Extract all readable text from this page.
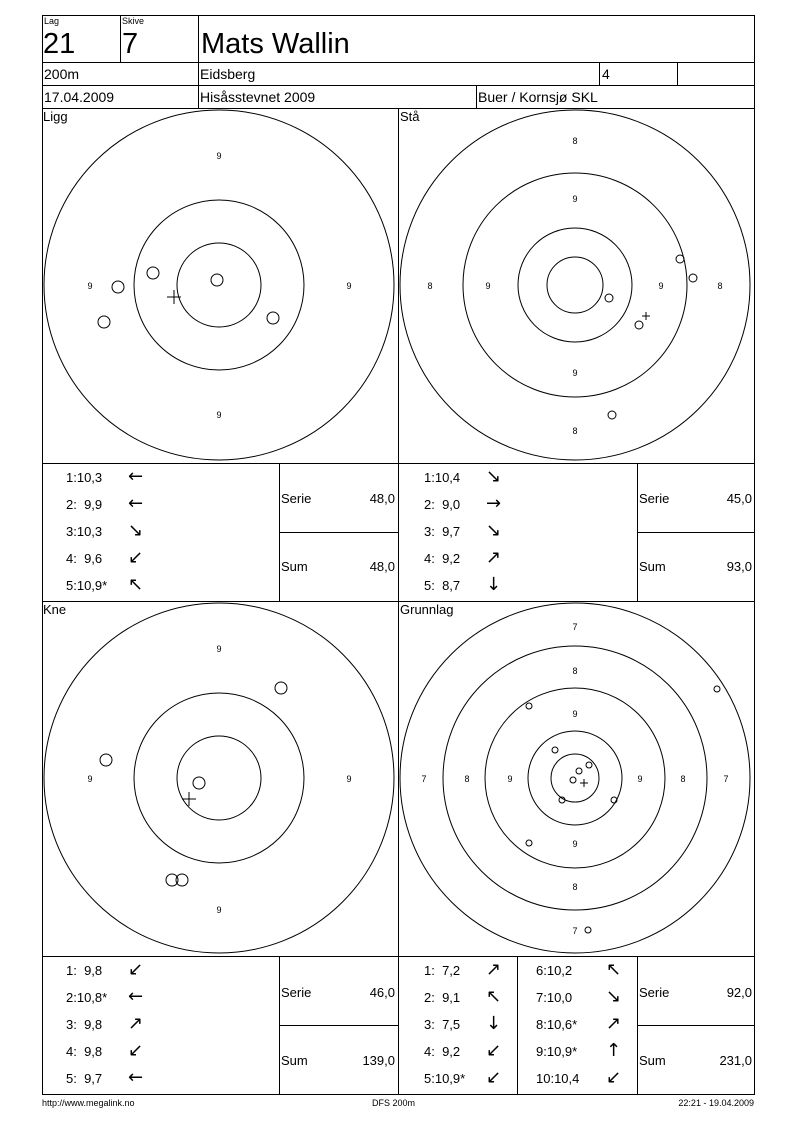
Lag
21
Skive
7 Mats Wallin
200m	Eidsberg	4
17.04.2009	Hisåsstevnet 2009	Buer / Kornsjø SKL
Ligg	Stå
Kne	Grunnlag
9
9
9	9
8
9
9
8
8	9	9	8
9
9
9	9
7
8
9
9
8
7
7	8	9	9	8	7
1:10,3 ←
2:  9,9 ←
3:10,3 ↘
4:  9,6 ↙
5:10,9* ↖
1:10,4 ↘
2:  9,0 →
3:  9,7 ↘
4:  9,2 ↗
5:  8,7 ↓
1:  9,8 ↙
2:10,8* ←
3:  9,8 ↗
4:  9,8 ↙
5:  9,7 ←
1:  7,2 ↗
2:  9,1 ↖
3:  7,5 ↓
4:  9,2 ↙
5:10,9* ↙
6:10,2 ↖
7:10,0 ↘
8:10,6* ↗
9:10,9* ↑
10:10,4 ↙
Serie	48,0
Sum	48,0
Serie	45,0
Sum	93,0
Serie	46,0
Sum	139,0
Serie	92,0
Sum	231,0
http://www.megalink.no	DFS 200m	22:21 - 19.04.2009
